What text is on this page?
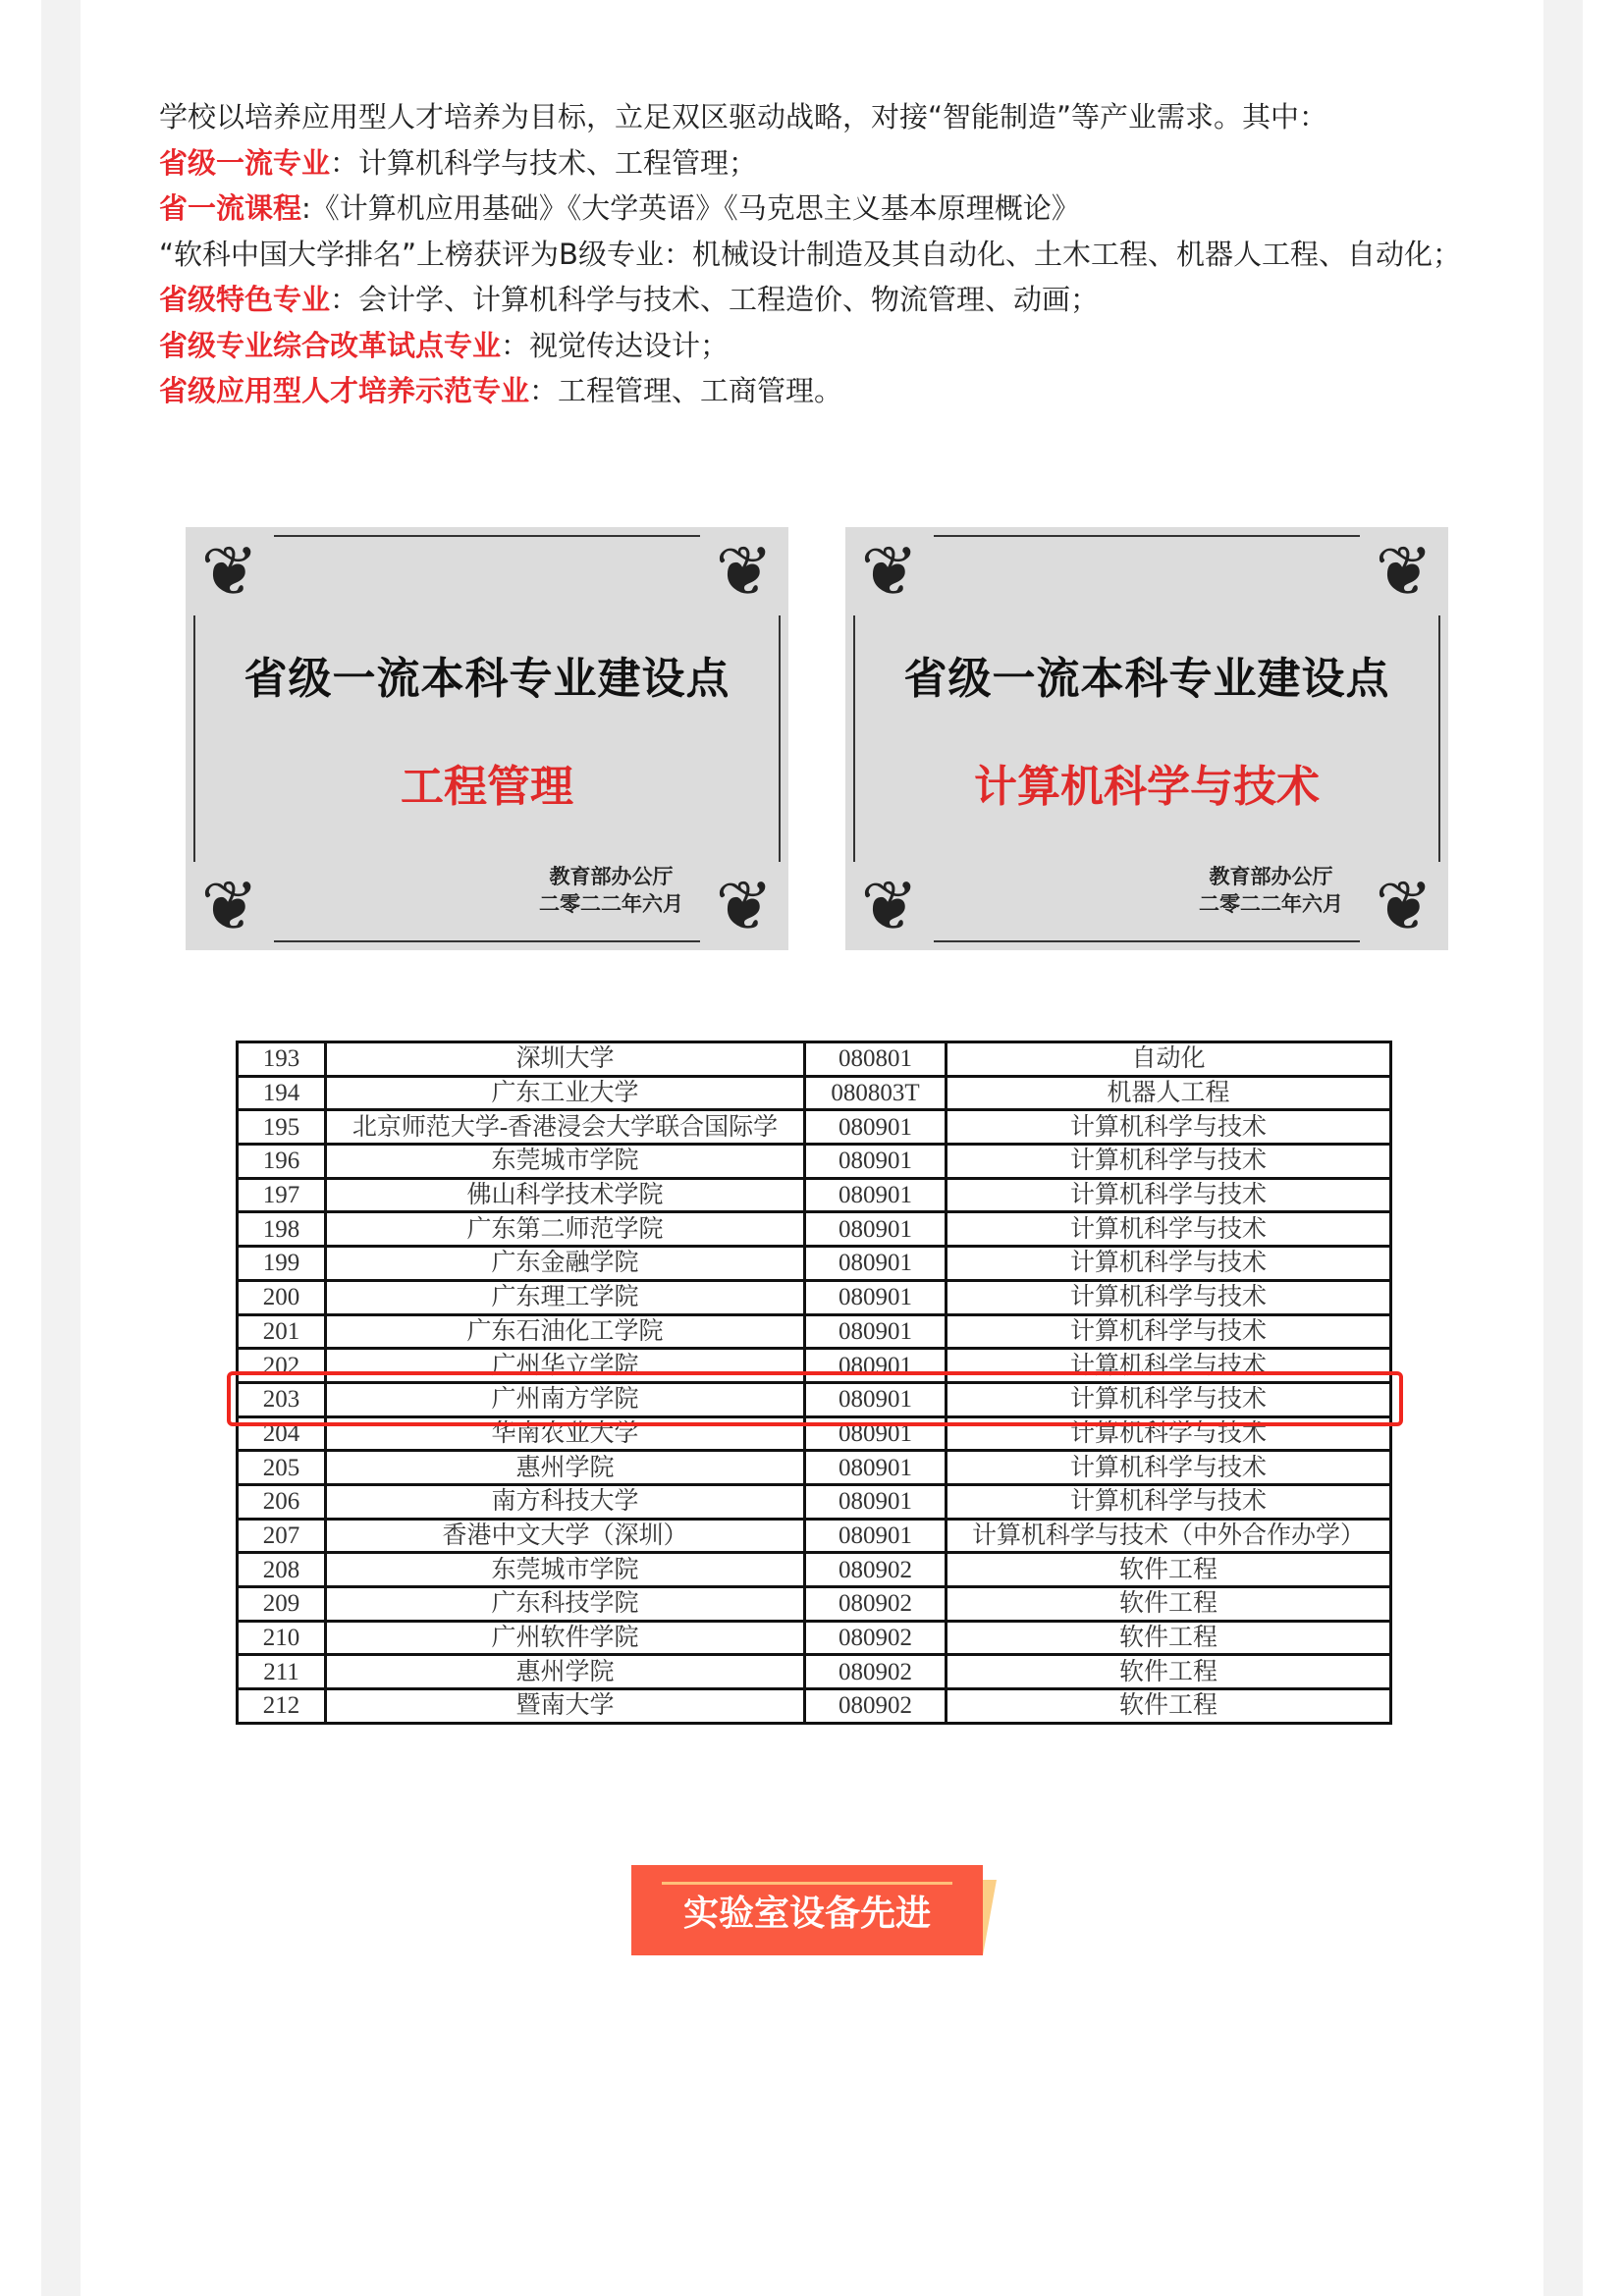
学校以培养应用型人才培养为目标，立足双区驱动战略，对接“智能制造”等产业需求。其中：

省级一流专业：计算机科学与技术、工程管理；

省一流课程:《计算机应用基础》《大学英语》《马克思主义基本原理概论》

“软科中国大学排名”上榜获评为B级专业：机械设计制造及其自动化、土木工程、机器人工程、自动化；

省级特色专业：会计学、计算机科学与技术、工程造价、物流管理、动画；

省级专业综合改革试点专业：视觉传达设计；

省级应用型人才培养示范专业：工程管理、工商管理。

❦	❦
❦	❦
省级一流本科专业建设点
工程管理
教育部办公厅
二零二二年六月
❦	❦
❦	❦
省级一流本科专业建设点
计算机科学与技术
教育部办公厅
二零二二年六月
193	深圳大学	080801	自动化
194	广东工业大学	080803T	机器人工程
195	北京师范大学-香港浸会大学联合国际学	080901	计算机科学与技术
196	东莞城市学院	080901	计算机科学与技术
197	佛山科学技术学院	080901	计算机科学与技术
198	广东第二师范学院	080901	计算机科学与技术
199	广东金融学院	080901	计算机科学与技术
200	广东理工学院	080901	计算机科学与技术
201	广东石油化工学院	080901	计算机科学与技术
202	广州华立学院	080901	计算机科学与技术
203	广州南方学院	080901	计算机科学与技术
204	华南农业大学	080901	计算机科学与技术
205	惠州学院	080901	计算机科学与技术
206	南方科技大学	080901	计算机科学与技术
207	香港中文大学（深圳）	080901	计算机科学与技术（中外合作办学）
208	东莞城市学院	080902	软件工程
209	广东科技学院	080902	软件工程
210	广州软件学院	080902	软件工程
211	惠州学院	080902	软件工程
212	暨南大学	080902	软件工程
实验室设备先进
